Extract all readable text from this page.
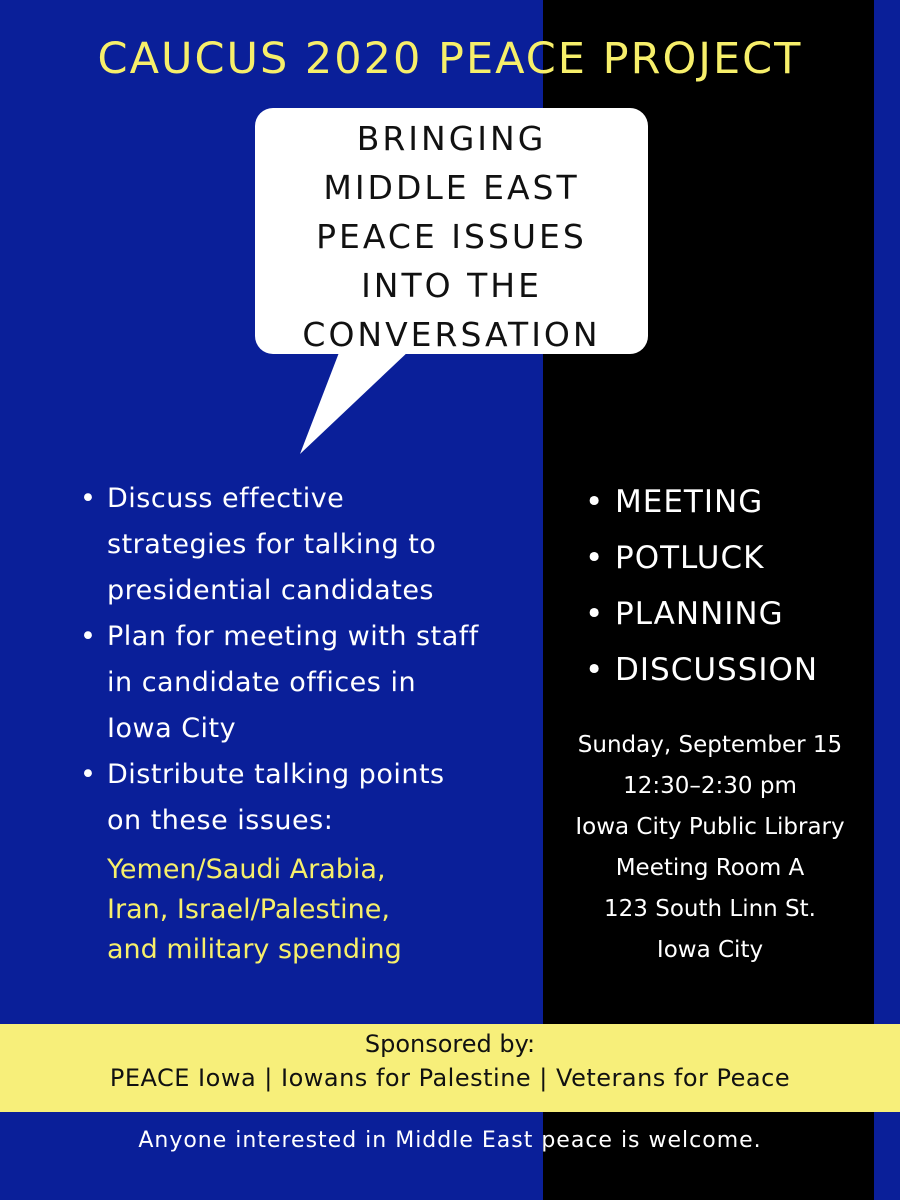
CAUCUS 2020 PEACE PROJECT
BRINGING
MIDDLE EAST
PEACE ISSUES
INTO THE
CONVERSATION
• Discuss effective
strategies for talking to
presidential candidates
• Plan for meeting with staff
in candidate offices in
Iowa City
• Distribute talking points
on these issues:
Yemen/Saudi Arabia,
Iran, Israel/Palestine,
and military spending
• MEETING
• POTLUCK
• PLANNING
• DISCUSSION
Sunday, September 15
12:30–2:30 pm
Iowa City Public Library
Meeting Room A
123 South Linn St.
Iowa City
Sponsored by:
PEACE Iowa | Iowans for Palestine | Veterans for Peace
Anyone interested in Middle East peace is welcome.
